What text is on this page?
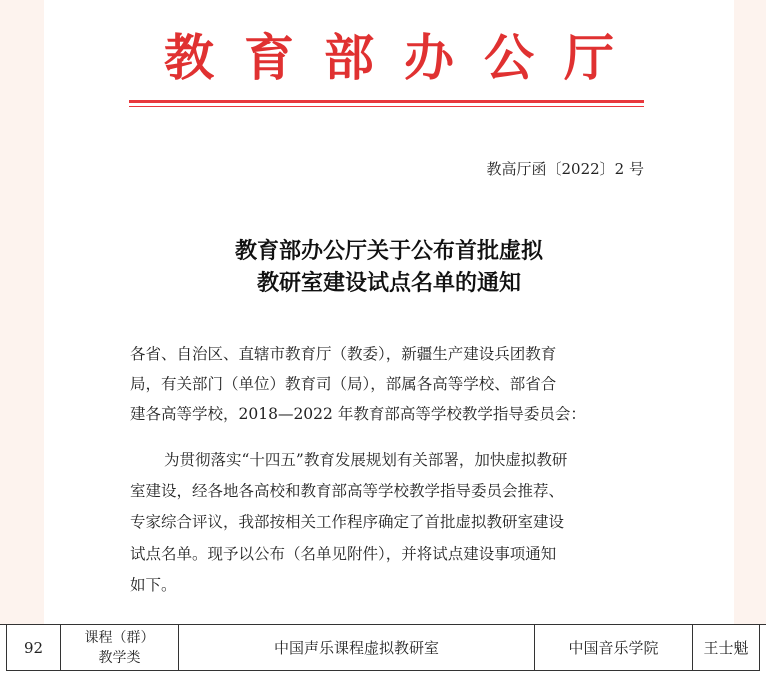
教育部办公厅
教高厅函〔2022〕2 号
教育部办公厅关于公布首批虚拟
教研室建设试点名单的通知
各省、自治区、直辖市教育厅（教委），新疆生产建设兵团教育
局，有关部门（单位）教育司（局），部属各高等学校、部省合
建各高等学校，2018—2022 年教育部高等学校教学指导委员会：
为贯彻落实“十四五”教育发展规划有关部署，加快虚拟教研
室建设，经各地各高校和教育部高等学校教学指导委员会推荐、
专家综合评议，我部按相关工作程序确定了首批虚拟教研室建设
试点名单。现予以公布（名单见附件），并将试点建设事项通知
如下。
92
课程（群）
教学类
中国声乐课程虚拟教研室	中国音乐学院	王士魁
